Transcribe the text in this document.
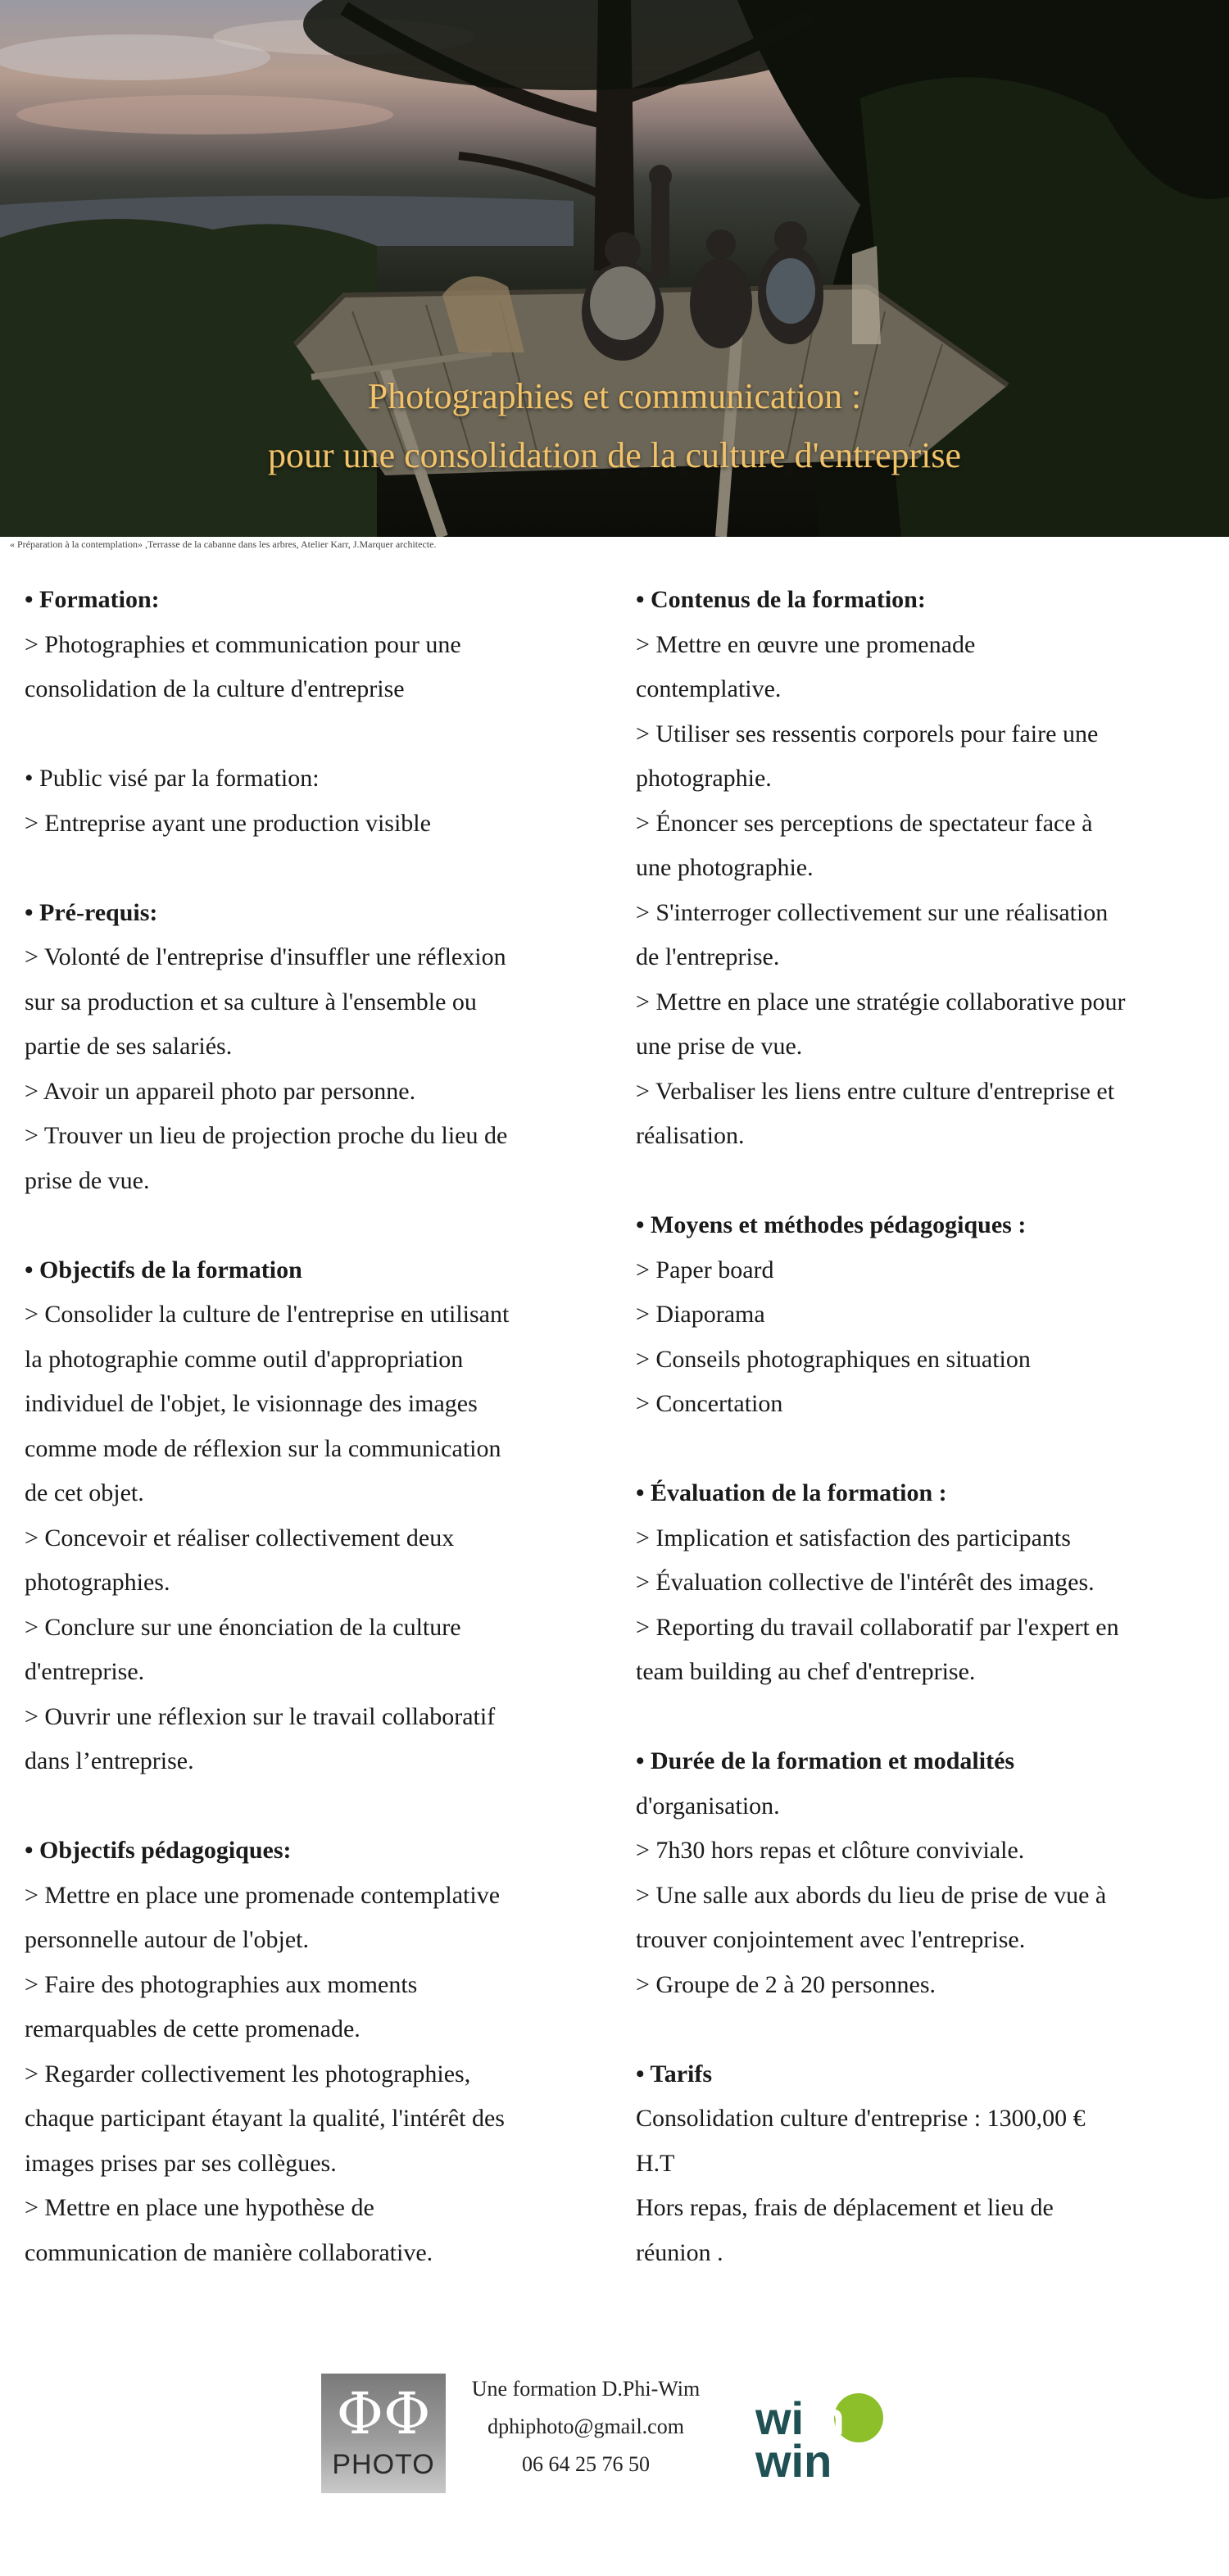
Photographies et communication :
pour une consolidation de la culture d'entreprise
« Préparation à la contemplation» ,Terrasse de la cabanne dans les arbres, Atelier Karr, J.Marquer architecte.
• Formation:
> Photographies et communication pour une
consolidation de la culture d'entreprise
• Public visé par la formation:
> Entreprise ayant une production visible
• Pré-requis:
> Volonté de l'entreprise d'insuffler une réflexion
sur sa production et sa culture à l'ensemble ou
partie de ses salariés.
> Avoir un appareil photo par personne.
> Trouver un lieu de projection proche du lieu de
prise de vue.
• Objectifs de la formation
> Consolider la culture de l'entreprise en utilisant
la photographie comme outil d'appropriation
individuel de l'objet, le visionnage des images
comme mode de réflexion sur la communication
de cet objet.
> Concevoir et réaliser collectivement deux
photographies.
> Conclure sur une énonciation de la culture
d'entreprise.
> Ouvrir une réflexion sur le travail collaboratif
dans l’entreprise.
• Objectifs pédagogiques:
> Mettre en place une promenade contemplative
personnelle autour de l'objet.
> Faire des photographies aux moments
remarquables de cette promenade.
> Regarder collectivement les photographies,
chaque participant étayant la qualité, l'intérêt des
images prises par ses collègues.
> Mettre en place une hypothèse de
communication de manière collaborative.
• Contenus de la formation:
> Mettre en œuvre une promenade
contemplative.
> Utiliser ses ressentis corporels pour faire une
photographie.
> Énoncer ses perceptions de spectateur face à
une photographie.
> S'interroger collectivement sur une réalisation
de l'entreprise.
> Mettre en place une stratégie collaborative pour
une prise de vue.
> Verbaliser les liens entre culture d'entreprise et
réalisation.
• Moyens et méthodes pédagogiques :
> Paper board
> Diaporama
> Conseils photographiques en situation
> Concertation
• Évaluation de la formation :
> Implication et satisfaction des participants
> Évaluation collective de l'intérêt des images.
> Reporting du travail collaboratif par l'expert en
team building au chef d'entreprise.
• Durée de la formation et modalités
d'organisation.
> 7h30 hors repas et clôture conviviale.
> Une salle aux abords du lieu de prise de vue à
trouver conjointement avec l'entreprise.
> Groupe de 2 à 20 personnes.
• Tarifs
Consolidation culture d'entreprise : 1300,00 €
H.T
Hors repas, frais de déplacement et lieu de
réunion .
ΦΦ
PHOTO
Une formation D.Phi-Wim
dphiphoto@gmail.com
06 64 25 76 50
wim
win
